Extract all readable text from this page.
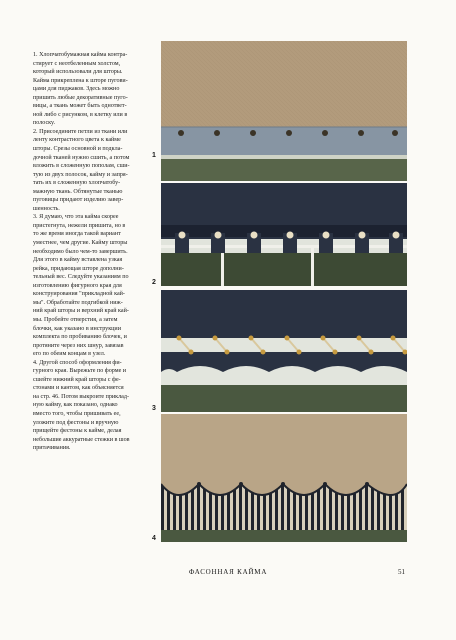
1. Хлопчатобумажная кайма контра-
стирует с неотбеленным холстом,
который использовали для шторы.
Кайма прикреплена к шторе пугови-
цами для пиджаков. Здесь можно
пришить любые декоративные пуго-
вицы, а ткань может быть однответ-
ной либо с рисунком, в клетку или в
полоску.

2. Присоедините петли из ткани или
ленту контрастного цвета к кайме
шторы. Срезы основной и подкла-
дочной тканей нужно сшить, а потом
вложить в сложенную пополам, сши-
тую из двух полосок, кайму и запря-
тать их в сложенную хлопчатобу-
мажную ткань. Обтянутые тканью
пуговицы придают изделию завер-
шенность.

3. Я думаю, что эта кайма скорее
пристегнута, нежели пришита, но в
то же время иногда такой вариант
уместнее, чем другие. Кайму шторы
необходимо было чем-то завершить.
Для этого в кайму вставлена узкая
рейка, придающая шторе дополни-
тельный вес. Следуйте указаниям по
изготовлению фигурного края для
конструирования "прикладной кай-
мы". Обработайте подгибкой ниж-
ний край шторы и верхний край кай-
мы. Пробейте отверстия, а затем
блочки, как указано в инструкции
комплекта по пробиванию блочек, и
протяните через них шнур, завязав
его по обеим концам в узел.

4. Другой способ оформления фи-
гурного края. Вырежьте по форме и
сшейте нижний край шторы с фе-
стонами и кантом, как объясняется
на стр. 46. Потом выкроите приклад-
ную кайму, как показано, однако
вместо того, чтобы пришивать ее,
уложите под фестоны и вручную
прищейте фестоны к кайме, делая
небольшие аккуратные стежки в шов
притачивания.

1
2
3
4
ФАСОННАЯ КАЙМА	51
